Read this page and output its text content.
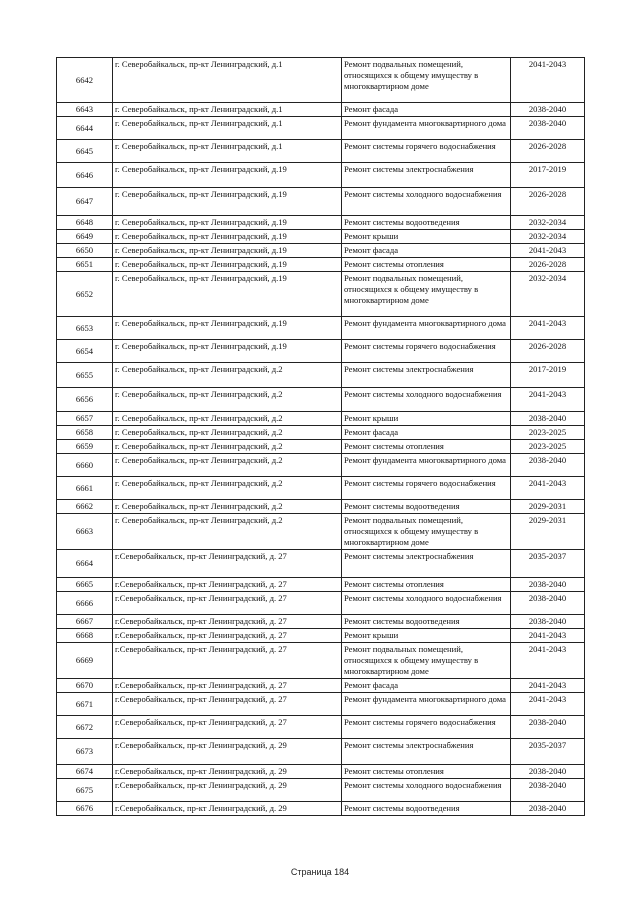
6642	г. Северобайкальск, пр-кт Ленинградский, д.1	Ремонт подвальных помещений, относящихся к общему имуществу в многоквартирном доме	2041-2043
6643	г. Северобайкальск, пр-кт Ленинградский, д.1	Ремонт фасада	2038-2040
6644	г. Северобайкальск, пр-кт Ленинградский, д.1	Ремонт фундамента многоквартирного дома	2038-2040
6645	г. Северобайкальск, пр-кт Ленинградский, д.1	Ремонт системы горячего водоснабжения	2026-2028
6646	г. Северобайкальск, пр-кт Ленинградский, д.19	Ремонт системы электроснабжения	2017-2019
6647	г. Северобайкальск, пр-кт Ленинградский, д.19	Ремонт системы холодного водоснабжения	2026-2028
6648	г. Северобайкальск, пр-кт Ленинградский, д.19	Ремонт системы водоотведения	2032-2034
6649	г. Северобайкальск, пр-кт Ленинградский, д.19	Ремонт крыши	2032-2034
6650	г. Северобайкальск, пр-кт Ленинградский, д.19	Ремонт фасада	2041-2043
6651	г. Северобайкальск, пр-кт Ленинградский, д.19	Ремонт системы отопления	2026-2028
6652	г. Северобайкальск, пр-кт Ленинградский, д.19	Ремонт подвальных помещений, относящихся к общему имуществу в многоквартирном доме	2032-2034
6653	г. Северобайкальск, пр-кт Ленинградский, д.19	Ремонт фундамента многоквартирного дома	2041-2043
6654	г. Северобайкальск, пр-кт Ленинградский, д.19	Ремонт системы горячего водоснабжения	2026-2028
6655	г. Северобайкальск, пр-кт Ленинградский, д.2	Ремонт системы электроснабжения	2017-2019
6656	г. Северобайкальск, пр-кт Ленинградский, д.2	Ремонт системы холодного водоснабжения	2041-2043
6657	г. Северобайкальск, пр-кт Ленинградский, д.2	Ремонт крыши	2038-2040
6658	г. Северобайкальск, пр-кт Ленинградский, д.2	Ремонт фасада	2023-2025
6659	г. Северобайкальск, пр-кт Ленинградский, д.2	Ремонт системы отопления	2023-2025
6660	г. Северобайкальск, пр-кт Ленинградский, д.2	Ремонт фундамента многоквартирного дома	2038-2040
6661	г. Северобайкальск, пр-кт Ленинградский, д.2	Ремонт системы горячего водоснабжения	2041-2043
6662	г. Северобайкальск, пр-кт Ленинградский, д.2	Ремонт системы водоотведения	2029-2031
6663	г. Северобайкальск, пр-кт Ленинградский, д.2	Ремонт подвальных помещений, относящихся к общему имуществу в многоквартирном доме	2029-2031
6664	г.Северобайкальск, пр-кт Ленинградский, д. 27	Ремонт системы электроснабжения	2035-2037
6665	г.Северобайкальск, пр-кт Ленинградский, д. 27	Ремонт системы отопления	2038-2040
6666	г.Северобайкальск, пр-кт Ленинградский, д. 27	Ремонт системы холодного водоснабжения	2038-2040
6667	г.Северобайкальск, пр-кт Ленинградский, д. 27	Ремонт системы водоотведения	2038-2040
6668	г.Северобайкальск, пр-кт Ленинградский, д. 27	Ремонт крыши	2041-2043
6669	г.Северобайкальск, пр-кт Ленинградский, д. 27	Ремонт подвальных помещений, относящихся к общему имуществу в многоквартирном доме	2041-2043
6670	г.Северобайкальск, пр-кт Ленинградский, д. 27	Ремонт фасада	2041-2043
6671	г.Северобайкальск, пр-кт Ленинградский, д. 27	Ремонт фундамента многоквартирного дома	2041-2043
6672	г.Северобайкальск, пр-кт Ленинградский, д. 27	Ремонт системы горячего водоснабжения	2038-2040
6673	г.Северобайкальск, пр-кт Ленинградский, д. 29	Ремонт системы электроснабжения	2035-2037
6674	г.Северобайкальск, пр-кт Ленинградский, д. 29	Ремонт системы отопления	2038-2040
6675	г.Северобайкальск, пр-кт Ленинградский, д. 29	Ремонт системы холодного водоснабжения	2038-2040
6676	г.Северобайкальск, пр-кт Ленинградский, д. 29	Ремонт системы водоотведения	2038-2040
Страница 184
